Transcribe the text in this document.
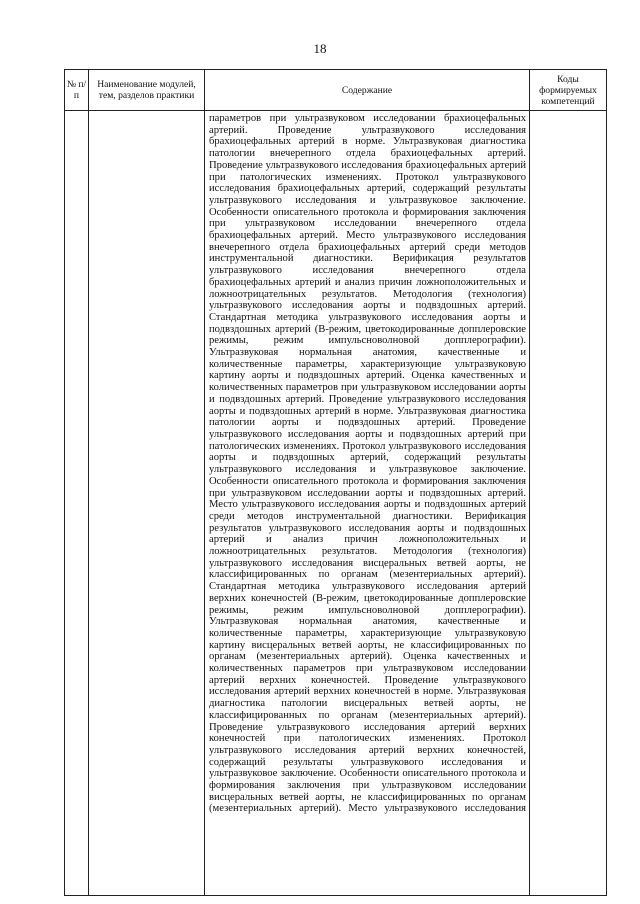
18
№ п/п	Наименование модулей, тем, разделов практики	Содержание	Коды формируемых компетенций

		параметров при ультразвуковом исследовании брахиоцефальных артерий. Проведение ультразвукового исследования брахиоцефальных артерий в норме. Ультразвуковая диагностика патологии внечерепного отдела брахиоцефальных артерий. Проведение ультразвукового исследования брахиоцефальных артерий при патологических изменениях. Протокол ультразвукового исследования брахиоцефальных артерий, содержащий результаты ультразвукового исследования и ультразвуковое заключение. Особенности описательного протокола и формирования заключения при ультразвуковом исследовании внечерепного отдела брахиоцефальных артерий. Место ультразвукового исследования внечерепного отдела брахиоцефальных артерий среди методов инструментальной диагностики. Верификация результатов ультразвукового исследования внечерепного отдела брахиоцефальных артерий и анализ причин ложноположительных и ложноотрицательных результатов. Методология (технология) ультразвукового исследования аорты и подвздошных артерий. Стандартная методика ультразвукового исследования аорты и подвздошных артерий (В-режим, цветокодированные допплеровские режимы, режим импульсноволновой допплерографии). Ультразвуковая нормальная анатомия, качественные и количественные параметры, характеризующие ультразвуковую картину аорты и подвздошных артерий. Оценка качественных и количественных параметров при ультразвуковом исследовании аорты и подвздошных артерий. Проведение ультразвукового исследования аорты и подвздошных артерий в норме. Ультразвуковая диагностика патологии аорты и подвздошных артерий. Проведение ультразвукового исследования аорты и подвздошных артерий при патологических изменениях. Протокол ультразвукового исследования аорты и подвздошных артерий, содержащий результаты ультразвукового исследования и ультразвуковое заключение. Особенности описательного протокола и формирования заключения при ультразвуковом исследовании аорты и подвздошных артерий. Место ультразвукового исследования аорты и подвздошных артерий среди методов инструментальной диагностики. Верификация результатов ультразвукового исследования аорты и подвздошных артерий и анализ причин ложноположительных и ложноотрицательных результатов. Методология (технология) ультразвукового исследования висцеральных ветвей аорты, не классифицированных по органам (мезентериальных артерий). Стандартная методика ультразвукового исследования артерий верхних конечностей (В-режим, цветокодированные допплеровские режимы, режим импульсноволновой допплерографии). Ультразвуковая нормальная анатомия, качественные и количественные параметры, характеризующие ультразвуковую картину висцеральных ветвей аорты, не классифицированных по органам (мезентериальных артерий). Оценка качественных и количественных параметров при ультразвуковом исследовании артерий верхних конечностей. Проведение ультразвукового исследования артерий верхних конечностей в норме. Ультразвуковая диагностика патологии висцеральных ветвей аорты, не классифицированных по органам (мезентериальных артерий). Проведение ультразвукового исследования артерий верхних конечностей при патологических изменениях. Протокол ультразвукового исследования артерий верхних конечностей, содержащий результаты ультразвукового исследования и ультразвуковое заключение. Особенности описательного протокола и формирования заключения при ультразвуковом исследовании висцеральных ветвей аорты, не классифицированных по органам (мезентериальных артерий). Место ультразвукового исследования	
